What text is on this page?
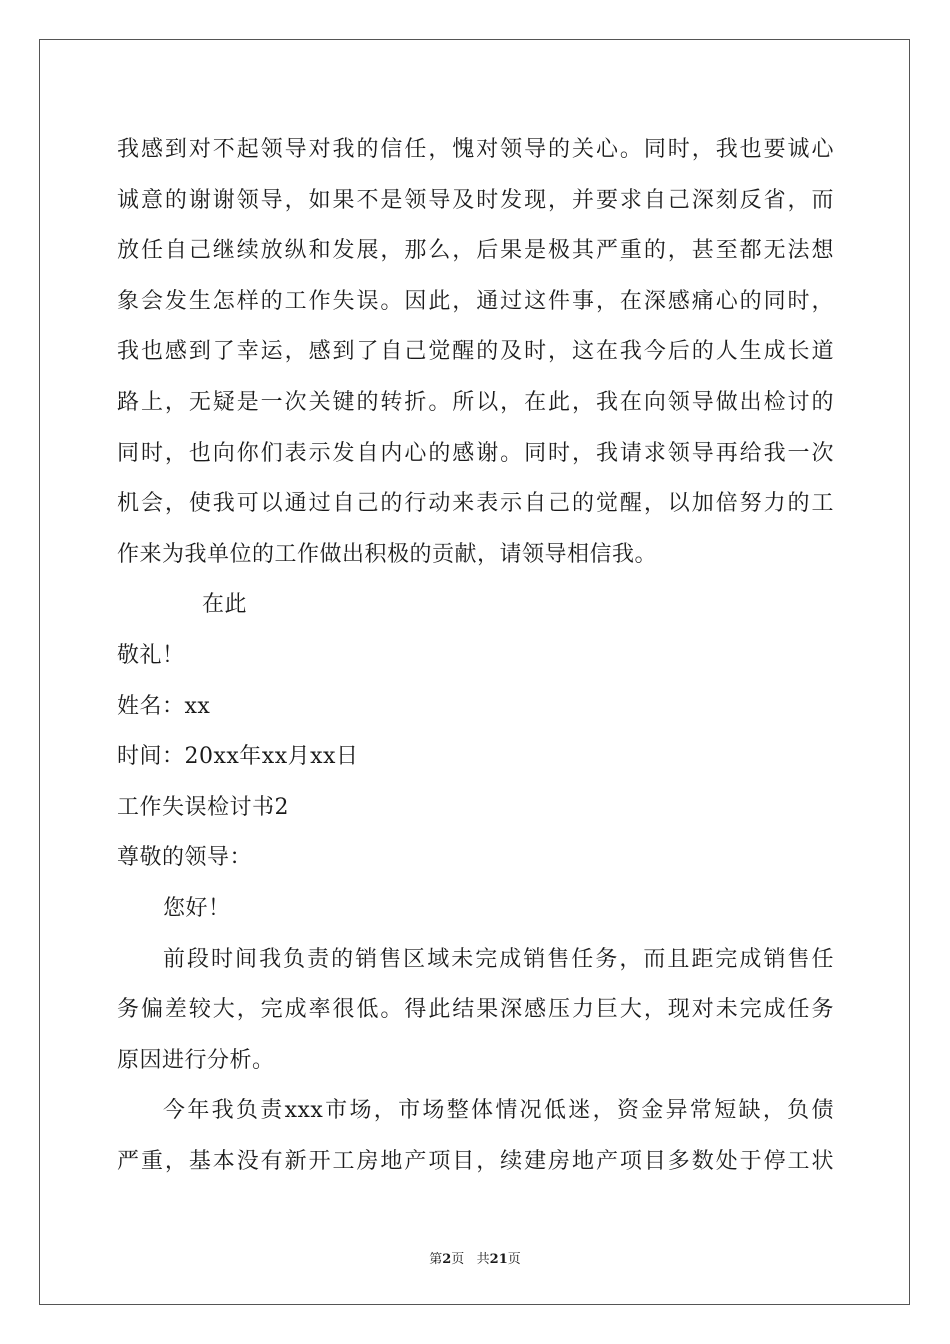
我感到对不起领导对我的信任，愧对领导的关心。同时，我也要诚心
诚意的谢谢领导，如果不是领导及时发现，并要求自己深刻反省，而
放任自己继续放纵和发展，那么，后果是极其严重的，甚至都无法想
象会发生怎样的工作失误。因此，通过这件事，在深感痛心的同时，
我也感到了幸运，感到了自己觉醒的及时，这在我今后的人生成长道
路上，无疑是一次关键的转折。所以，在此，我在向领导做出检讨的
同时，也向你们表示发自内心的感谢。同时，我请求领导再给我一次
机会，使我可以通过自己的行动来表示自己的觉醒，以加倍努力的工
作来为我单位的工作做出积极的贡献，请领导相信我。
在此
敬礼！
姓名：xx
时间：20xx年xx月xx日
工作失误检讨书2
尊敬的领导：
您好！
前段时间我负责的销售区域未完成销售任务，而且距完成销售任
务偏差较大，完成率很低。得此结果深感压力巨大，现对未完成任务
原因进行分析。
今年我负责xxx市场，市场整体情况低迷，资金异常短缺，负债
严重，基本没有新开工房地产项目，续建房地产项目多数处于停工状
第2页   共21页
